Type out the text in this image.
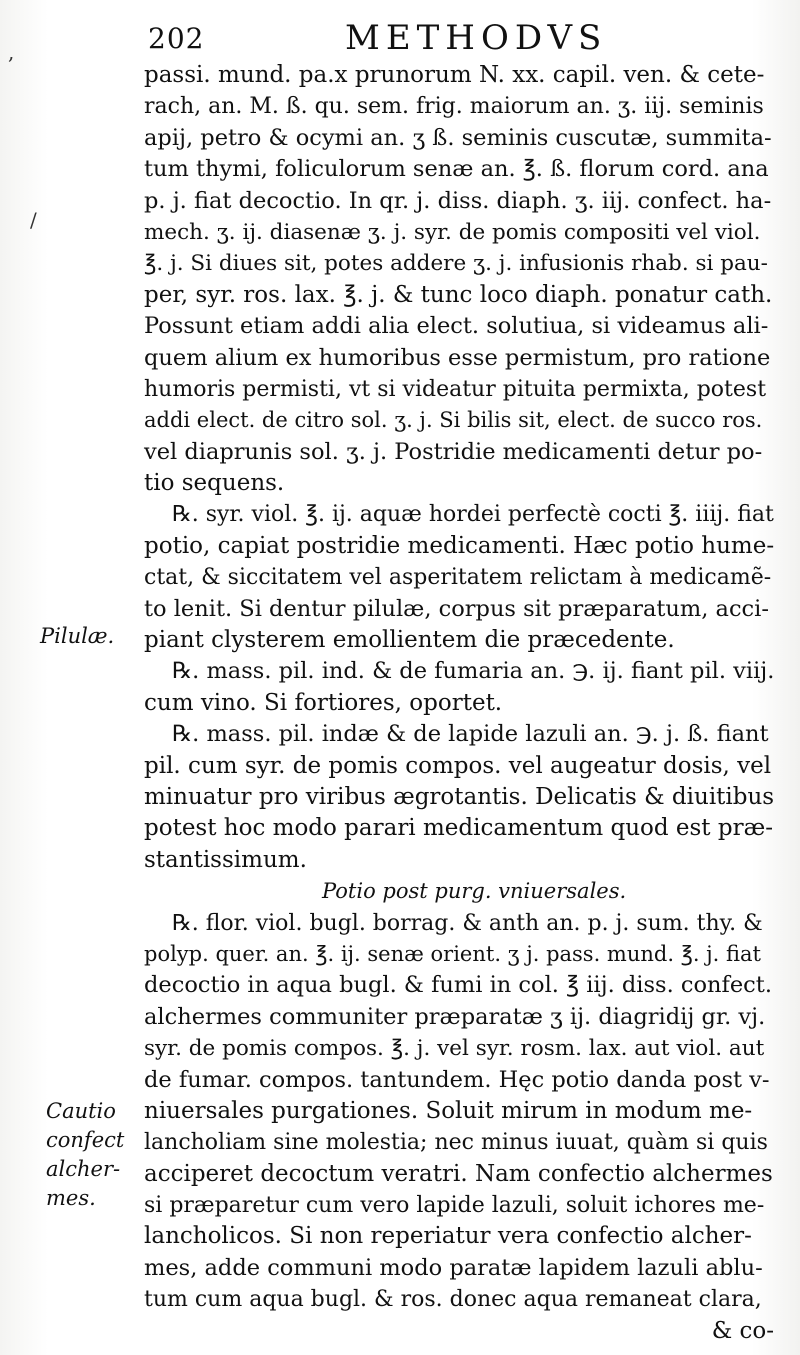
202	METHODVS
,
/
Pilulæ.
Cautio
confect
alcher-
mes.
passi. mund. pa.x prunorum N. xx. capil. ven. & cete-
rach, an. M. ß. qu. sem. frig. maiorum an. ʒ. iij. seminis
apij, petro & ocymi an. ʒ ß. seminis cuscutæ, summita-
tum thymi, foliculorum senæ an. ℥. ß. florum cord. ana
p. j. fiat decoctio. In qr. j. diss. diaph. ʒ. iij. confect. ha-
mech. ʒ. ij. diasenæ ʒ. j. syr. de pomis compositi vel viol.
℥. j. Si diues sit, potes addere ʒ. j. infusionis rhab. si pau-
per, syr. ros. lax. ℥. j. & tunc loco diaph. ponatur cath.
Possunt etiam addi alia elect. solutiua, si videamus ali-
quem alium ex humoribus esse permistum, pro ratione
humoris permisti, vt si videatur pituita permixta, potest
addi elect. de citro sol. ʒ. j. Si bilis sit, elect. de succo ros.
vel diaprunis sol. ʒ. j. Postridie medicamenti detur po-
tio sequens.
℞. syr. viol. ℥. ij. aquæ hordei perfectè cocti ℥. iiij. fiat
potio, capiat postridie medicamenti. Hæc potio hume-
ctat, & siccitatem vel asperitatem relictam à medicamẽ-
to lenit. Si dentur pilulæ, corpus sit præparatum, acci-
piant clysterem emollientem die præcedente.
℞. mass. pil. ind. & de fumaria an. ℈. ij. fiant pil. viij.
cum vino. Si fortiores, oportet.
℞. mass. pil. indæ & de lapide lazuli an. ℈. j. ß. fiant
pil. cum syr. de pomis compos. vel augeatur dosis, vel
minuatur pro viribus ægrotantis. Delicatis & diuitibus
potest hoc modo parari medicamentum quod est præ-
stantissimum.
Potio post purg. vniuersales.
℞. flor. viol. bugl. borrag. & anth an. p. j. sum. thy. &
polyp. quer. an. ℥. ij. senæ orient. ʒ j. pass. mund. ℥. j. fiat
decoctio in aqua bugl. & fumi in col. ℥ iij. diss. confect.
alchermes communiter præparatæ ʒ ij. diagridij gr. vj.
syr. de pomis compos. ℥. j. vel syr. rosm. lax. aut viol. aut
de fumar. compos. tantundem. Hęc potio danda post v-
niuersales purgationes. Soluit mirum in modum me-
lancholiam sine molestia; nec minus iuuat, quàm si quis
acciperet decoctum veratri. Nam confectio alchermes
si præparetur cum vero lapide lazuli, soluit ichores me-
lancholicos. Si non reperiatur vera confectio alcher-
mes, adde communi modo paratæ lapidem lazuli ablu-
tum cum aqua bugl. & ros. donec aqua remaneat clara,
& co-
